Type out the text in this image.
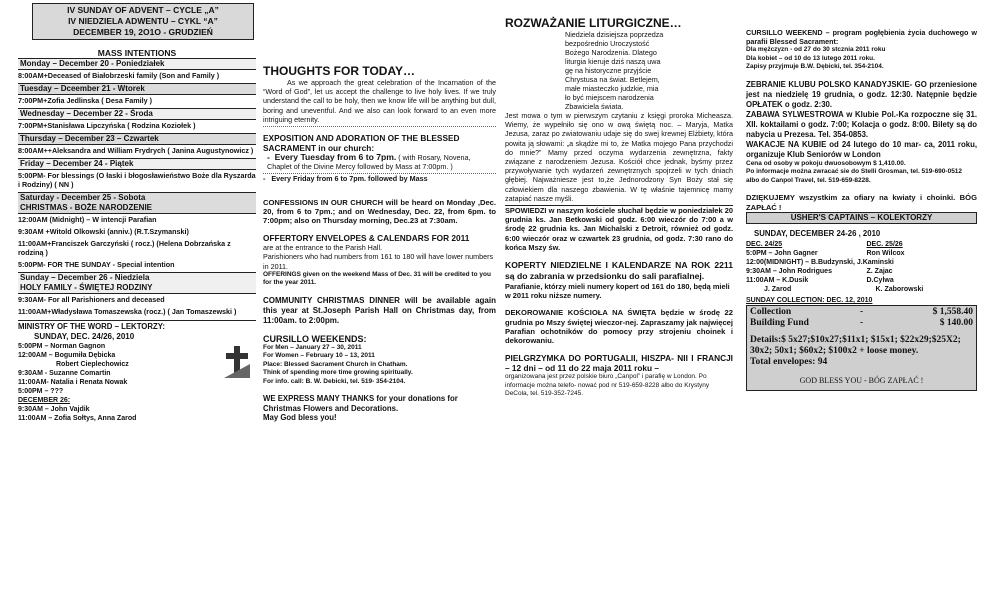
IV SUNDAY OF ADVENT – CYCLE „A”
IV NIEDZIELA ADWENTU – CYKL “A”
DECEMBER 19, 2O1O - GRUDZIEŃ
MASS INTENTIONS
Monday – December 20 - Poniedziałek
8:00AM+Deceased of Białobrzeski family (Son and Family )
Tuesday – Dceember 21 - Wtorek
7:00PM+Zofia Jedlinska ( Desa Family )
Wednesday – December 22 - Środa
7:00PM+Stanisława Lipczyńska ( Rodzina Koziołek )
Thursday – December 23 – Czwartek
8:00AM++Aleksandra and William Frydrych ( Janina Augustynowicz )
Friday – December 24 - Piątek
5:00PM- For blessings (O łaski i błogosławieństwo Boże dla Ryszarda i Rodziny) ( NN )
Saturday - December 25 - Sobota
CHRISTMAS - BOŻE NARODZENIE
12:00AM (Midnight) – W intencji Parafian
9:30AM +Witold Olkowski (anniv.) (R.T.Szymanski)
11:00AM+Franciszek Garczyński ( rocz.) (Helena Dobrzańska z rodziną )
5:00PM- FOR THE SUNDAY - Special intention
Sunday – December 26 - Niedziela
HOLY FAMILY - ŚWIĘTEJ RODZINY
9:30AM- For all Parishioners and deceased
11:00AM+Władysława Tomaszewska (rocz.) ( Jan Tomaszewski )
MINISTRY OF THE WORD – LEKTORZY:
SUNDAY, DEC. 24/26, 2010
5:00PM – Norman Gagnon
12:00AM – Bogumiła Dębicka
Robert Cieplechowicz
9:30AM - Suzanne Comartin
11:00AM- Natalia i Renata Nowak
5:00PM – ???
DECEMBER 26:
9:30AM – John Vajdik
11:00AM – Zofia Sołtys, Anna Zarod
THOUGHTS FOR TODAY…
As we approach the great celebration of the Incarnation of the “Word of God”, let us accept the challenge to live holy lives. If we truly understand the call to be holy, then we know life will be anything but dull, boring and uneventful. And we also can look forward to an even more intriguing eternity.
EXPOSITION AND ADORATION OF THE BLESSED SACRAMENT in our church:
-  Every Tuesday from 6 to 7pm. ( with Rosary, Novena, Chaplet of the Divine Mercy followed by Mass at 7:00pm. )
-   Every Friday from 6 to 7pm. followed by Mass
CONFESSIONS IN OUR CHURCH will be heard on Monday ,Dec. 20, from 6 to 7pm.; and on Wednesday, Dec. 22, from 6pm. to 7:00pm; also on Thursday morning, Dec.23 at 7:30am.
OFFERTORY ENVELOPES & CALENDARS FOR 2011
are at the entrance to the Parish Hall.
Parishioners who had numbers from 161 to 180 will have lower numbers in 2011.
OFFERINGS given on the weekend Mass of Dec. 31 will be credited to you for the year 2011.
COMMUNITY CHRISTMAS DINNER will be available again this year at St.Joseph Parish Hall on Christmas day, from 11:00am. to 2:00pm.
CURSILLO WEEKENDS:
For Men – January 27 – 30, 2011
For Women – February 10 – 13, 2011
Place: Blessed Sacrament Church in Chatham.
Think of spending more time growing spiritually.
For info. call: B. W. Debicki, tel. 519- 354-2104.
WE EXPRESS MANY THANKS for your donations for Christmas Flowers and Decorations.
May God bless you!
ROZWAŻANIE LITURGICZNE…
Niedziela dzisiejsza poprzedza
bezpośrednio Uroczystość
Bożego Narodzenia. Dlatego
liturgia kieruje dziś naszą uwa
gę na historyczne przyjście
Chrystusa na świat. Betlejem,
małe miasteczko judzkie, mia
ło być miejscem narodzenia
Zbawiciela świata.
Jest mowa o tym w pierwszym czytaniu z księgi proroka Micheasza. Wiemy, że wypełniło się ono w ową świętą noc. – Maryja, Matka Jezusa, zaraz po zwiatowaniu udaje się do swej krewnej Elżbiety, która powita ją słowami: „a skądże mi to, że Matka mojego Pana przychodzi do mnie?” Mamy przed oczyma wydarzenia zewnętrzna, fakty związane z narodzeniem Jezusa. Kościół chce jednak, byśmy przez przywoływanie tych wydarzeń zewnętrznych spojrzeli w tych dniach głębiej. Najważniesze jest to,że Jednorodzony Syn Boży stał się człowiekiem dla naszego zbawienia. W tę właśnie tajemnicę mamy zatapiać nasze myśli.
SPOWIEDZI w naszym kościele słuchał będzie w poniedziałek 20 grudnia ks. Jan Betkowski od godz. 6:00 wieczór do 7:00 a w środę 22 grudnia ks. Jan Michalski z Detroit, również od godz. 6:00 wieczór oraz w czwartek 23 grudnia, od godz. 7:30 rano do końca Mszy św.
KOPERTY NIEDZIELNE I KALENDARZE NA ROK 2211 są do zabrania w przedsionku do sali parafialnej.
Parafianie, którzy mieli numery kopert od 161 do 180, będą mieli w 2011 roku niższe numery.
DEKOROWANIE KOŚCIOŁA NA ŚWIĘTA będzie w środę 22 grudnia po Mszy świętej wieczor-nej. Zapraszamy jak najwięcej Parafian ochotników do pomocy przy strojeniu choinek i dekorowaniu.
PIELGRZYMKA DO PORTUGALII, HISZPA- NII I FRANCJI – 12 dni – od 11 do 22 maja 2011 roku –
organizowana jest przez polskie biuro „Canpol” i parafię w London. Po informacje można telefo- nować pod nr 519-659-8228 albo do Krystyny DeCola, tel. 519-352-7245.
CURSILLO WEEKEND – program pogłębienia życia duchowego w parafii Blessed Sacrament:
Dla mężczyzn - od 27 do 30 stcznia 2011 roku
Dla kobiet – od 10 do 13 lutego 2011 roku.
Zapisy przyjmuje B.W. Dębicki, tel. 354-2104.
ZEBRANIE KLUBU POLSKO KANADYJSKIE- GO przeniesione jest na niedzielę 19 grudnia, o godz. 12:30. Natępnie będzie OPŁATEK o godz. 2:30.
ZABAWA SYLWESTROWA w Klubie Pol.-Ka rozpoczne się 31. XII. koktailami o godz. 7:00; Kolacja o godz. 8:00. Bilety są do nabycia u Prezesa. Tel. 354-0853.
WAKACJE NA KUBIE od 24 lutego do 10 mar- ca, 2011 roku, organizuje Klub Seniorów w London
Cena od osoby w pokoju dwuosobowym $ 1,410.00.
Po informacje można zwracać sie do Stelli Grosman, tel. 519-690-0512 albo do Canpol Travel, tel. 519-659-8228.
DZIĘKUJEMY wszystkim za ofiary na kwiaty i choinki. BÓG ZAPŁAĆ !
USHER'S CAPTAINS – KOLEKTORZY
SUNDAY, DECEMBER 24-26 , 2010
DEC. 24/25	DEC. 25/26
5:0PM – John Gagner	Ron Wilcox
12:00(MIDNIGHT) – B.Budzynski, J.Kaminski
9:30AM – John Rodrigues	Z. Zajac
11:00AM – K.Dusik	D.Cylwa
J. Zarod	K. Zaborowski
SUNDAY COLLECTION: DEC. 12, 2010
Collection	-	$ 1,558.40
Building Fund	-	$ 140.00
Details:$ 5x27;$10x27;$11x1; $15x1; $22x29;$25X2; 30x2; 50x1; $60x2; $100x2 + loose money.
Total envelopes: 94
GOD BLESS YOU - BÓG ZAPŁAĆ !
